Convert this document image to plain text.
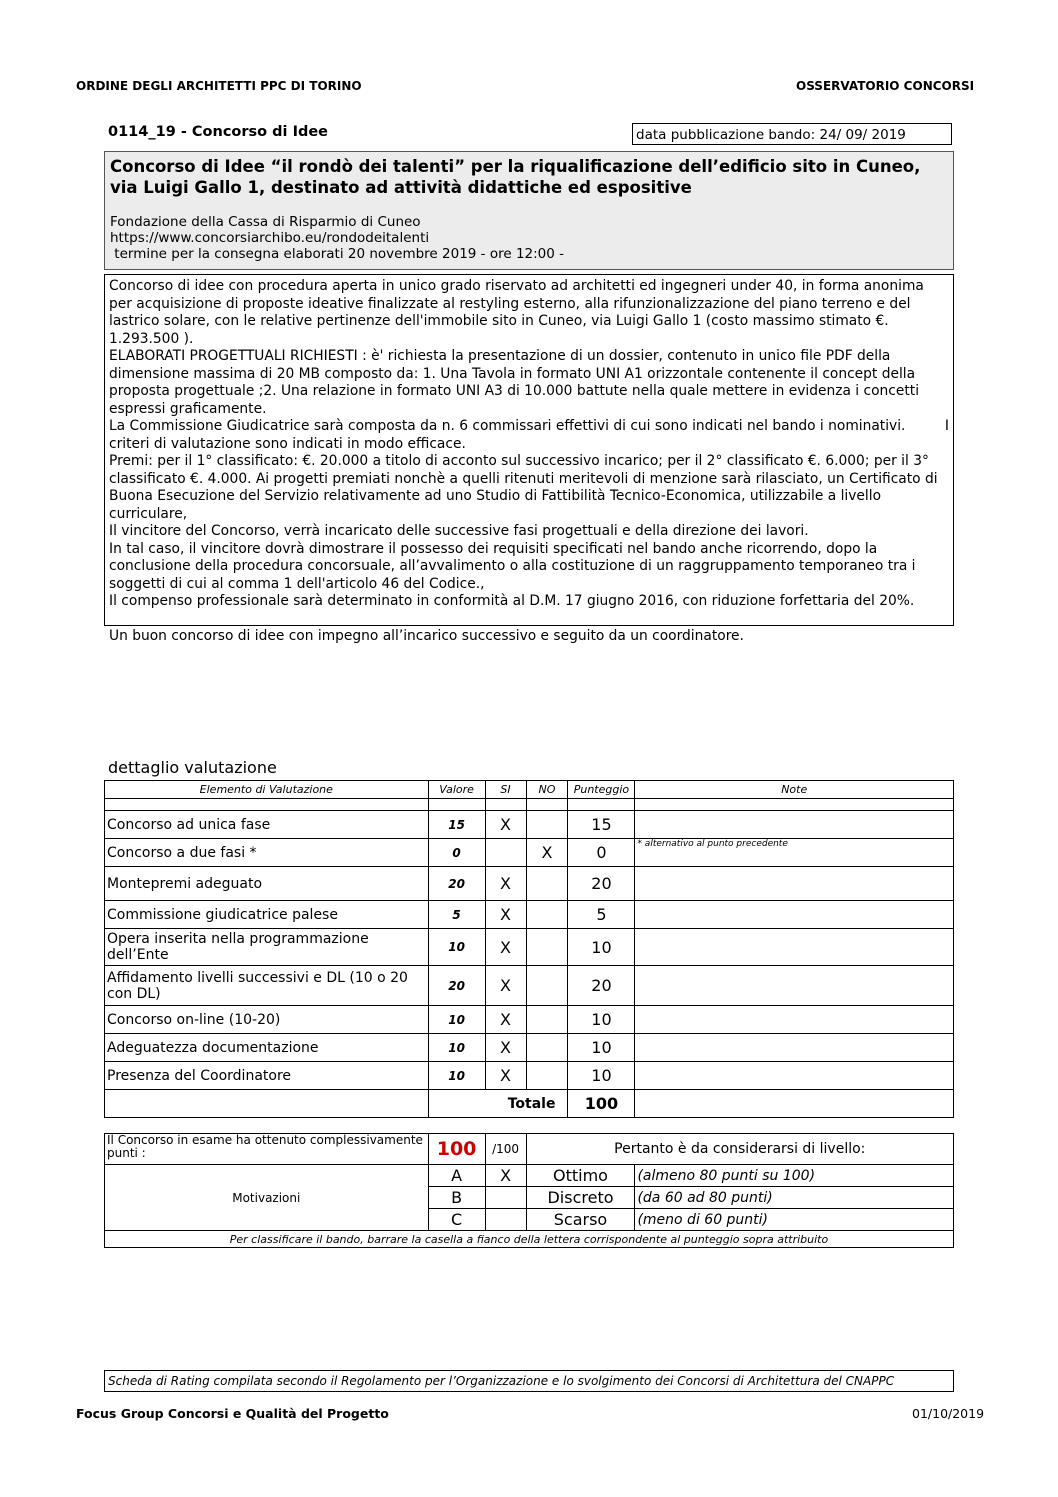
ORDINE DEGLI ARCHITETTI PPC DI TORINO	OSSERVATORIO CONCORSI
0114_19 - Concorso di Idee	data pubblicazione bando: 24/ 09/ 2019
Concorso di Idee “il rondò dei talenti” per la riqualificazione dell’edificio sito in Cuneo, via Luigi Gallo 1, destinato ad attività didattiche ed espositive
Fondazione della Cassa di Risparmio di Cuneo
https://www.concorsiarchibo.eu/rondodeitalenti
termine per la consegna elaborati 20 novembre 2019 - ore 12:00 -

Concorso di idee con procedura aperta in unico grado riservato ad architetti ed ingegneri under 40, in forma anonima per acquisizione di proposte ideative finalizzate al restyling esterno, alla rifunzionalizzazione del piano terreno e del lastrico solare, con le relative pertinenze dell'immobile sito in Cuneo, via Luigi Gallo 1 (costo massimo stimato €. 1.293.500 ).

ELABORATI PROGETTUALI RICHIESTI : è' richiesta la presentazione di un dossier, contenuto in unico file PDF della dimensione massima di 20 MB composto da: 1. Una Tavola in formato UNI A1 orizzontale contenente il concept della proposta progettuale ;2. Una relazione in formato UNI A3 di 10.000 battute nella quale mettere in evidenza i concetti espressi graficamente.

La Commissione Giudicatrice sarà composta da n. 6 commissari effettivi di cui sono indicati nel bando i nominativi.         I criteri di valutazione sono indicati in modo efficace.

Premi: per il 1° classificato: €. 20.000 a titolo di acconto sul successivo incarico; per il 2° classificato €. 6.000; per il 3° classificato €. 4.000. Ai progetti premiati nonchè a quelli ritenuti meritevoli di menzione sarà rilasciato, un Certificato di Buona Esecuzione del Servizio relativamente ad uno Studio di Fattibilità Tecnico-Economica, utilizzabile a livello curriculare,

Il vincitore del Concorso, verrà incaricato delle successive fasi progettuali e della direzione dei lavori.

In tal caso, il vincitore dovrà dimostrare il possesso dei requisiti specificati nel bando anche ricorrendo, dopo la conclusione della procedura concorsuale, all’avvalimento o alla costituzione di un raggruppamento temporaneo tra i soggetti di cui al comma 1 dell'articolo 46 del Codice.,

Il compenso professionale sarà determinato in conformità al D.M. 17 giugno 2016, con riduzione forfettaria del 20%.

Un buon concorso di idee con impegno all’incarico successivo e seguito da un coordinatore.

dettaglio valutazione
Elemento di Valutazione	Valore	SI	NO	Punteggio	Note

Concorso ad unica fase	15	X		15	
Concorso a due fasi *	0		X	0	* alternativo al punto precedente
Montepremi adeguato	20	X		20	
Commissione giudicatrice palese	5	X		5	
Opera inserita nella programmazione dell’Ente	10	X		10	
Affidamento livelli successivi e DL (10 o 20 con DL)	20	X		20	
Concorso on-line (10-20)	10	X		10	
Adeguatezza documentazione	10	X		10	
Presenza del Coordinatore	10	X		10	
	Totale			100	
Il Concorso in esame ha ottenuto complessivamente punti :	100	/100	Pertanto è da considerarsi di livello:	
Motivazioni	A	X	Ottimo	(almeno 80 punti su 100)
	B		Discreto	(da 60 ad 80 punti)
	C		Scarso	(meno di 60 punti)
Per classificare il bando, barrare la casella a fianco della lettera corrispondente al punteggio sopra attribuito				
Scheda di Rating compilata secondo il Regolamento per l’Organizzazione e lo svolgimento dei Concorsi di Architettura del CNAPPC
Focus Group Concorsi e Qualità del Progetto	01/10/2019
